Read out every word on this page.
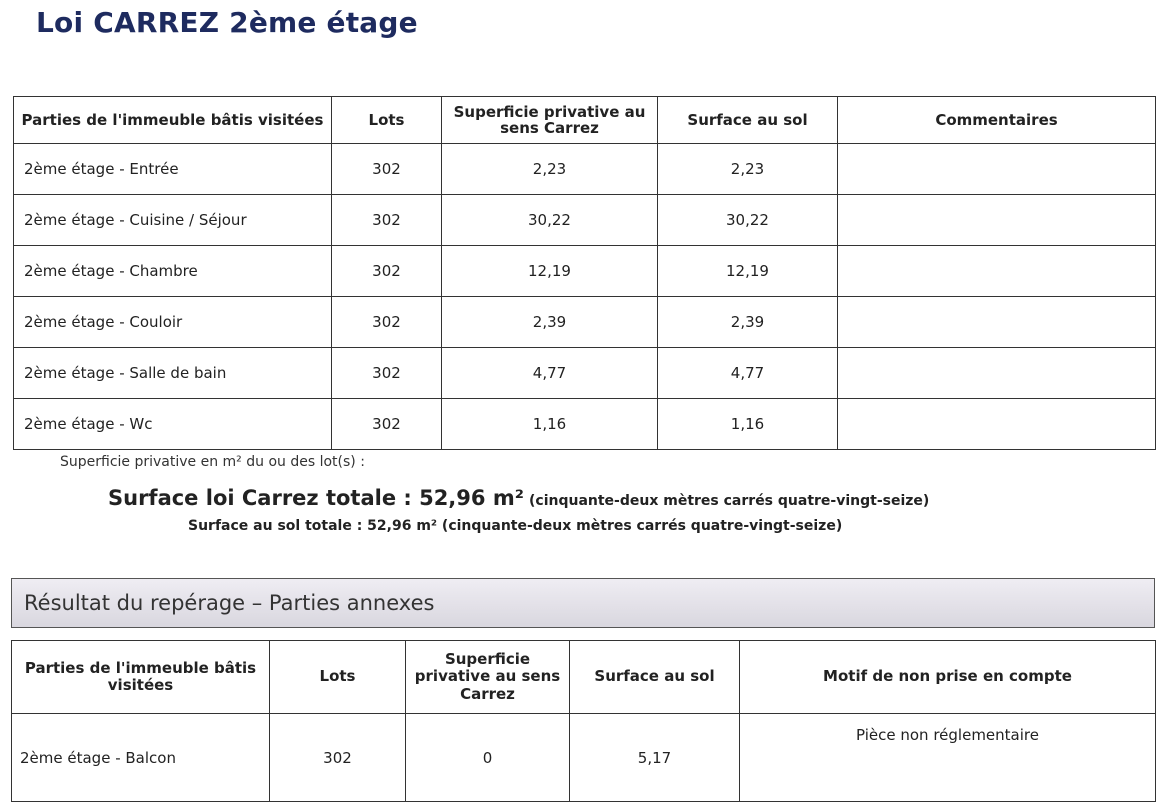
Loi CARREZ 2ème étage
Parties de l'immeuble bâtis visitées	Lots	Superficie privative au sens Carrez	Surface au sol	Commentaires
2ème étage - Entrée	302	2,23	2,23	
2ème étage - Cuisine / Séjour	302	30,22	30,22	
2ème étage - Chambre	302	12,19	12,19	
2ème étage - Couloir	302	2,39	2,39	
2ème étage - Salle de bain	302	4,77	4,77	
2ème étage - Wc	302	1,16	1,16	
Superficie privative en m² du ou des lot(s) :
Surface loi Carrez totale : 52,96 m² (cinquante-deux mètres carrés quatre-vingt-seize)
Surface au sol totale : 52,96 m² (cinquante-deux mètres carrés quatre-vingt-seize)
Résultat du repérage – Parties annexes
Parties de l'immeuble bâtis visitées	Lots	Superficie privative au sens Carrez	Surface au sol	Motif de non prise en compte
2ème étage - Balcon	302	0	5,17	Pièce non réglementaire
